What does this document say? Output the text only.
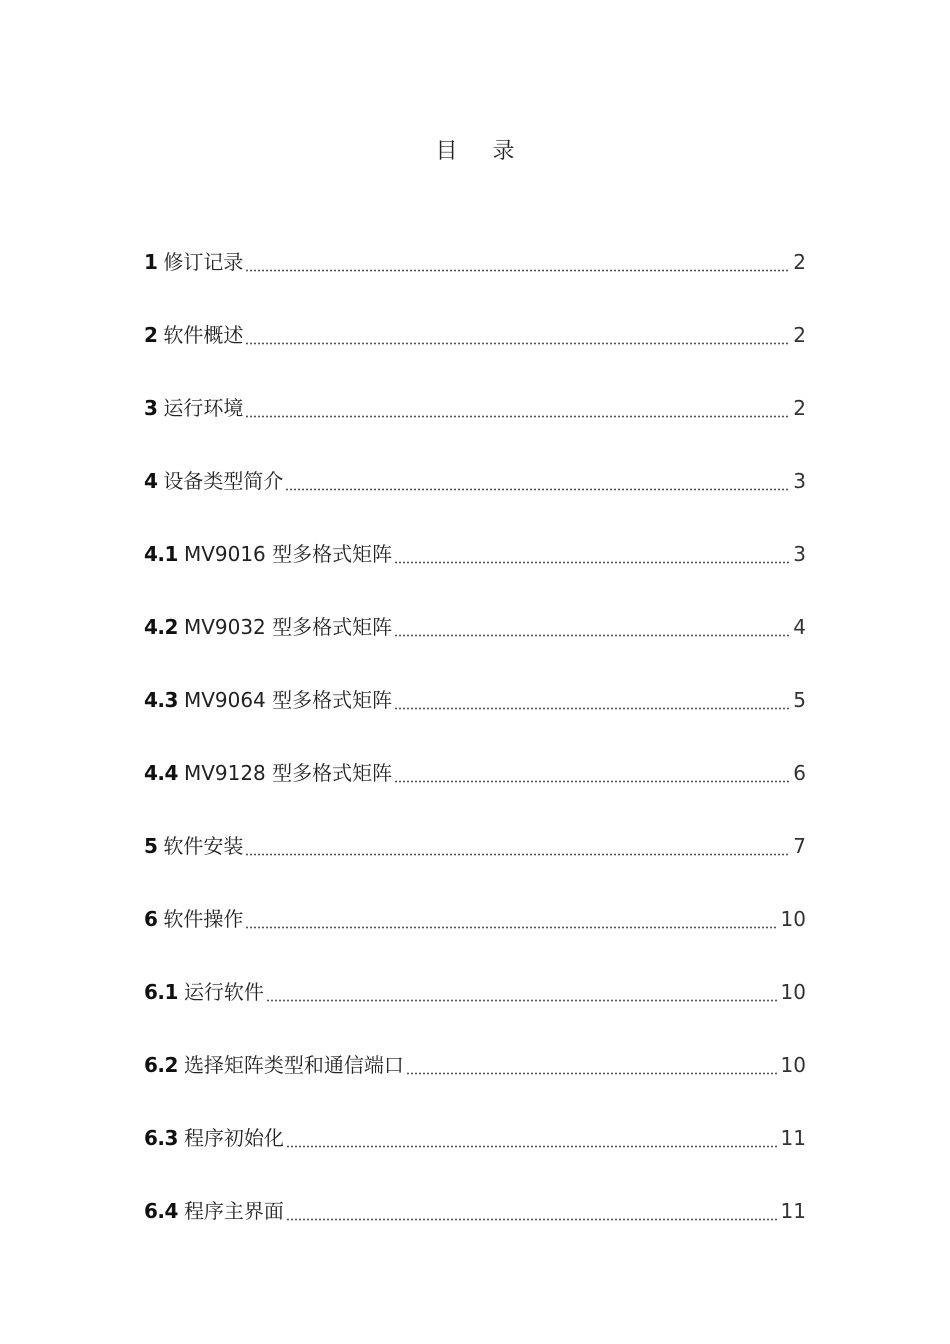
目 录
1 修订记录	2
2 软件概述	2
3 运行环境	2
4 设备类型简介	3
4.1 MV9016 型多格式矩阵	3
4.2 MV9032 型多格式矩阵	4
4.3 MV9064 型多格式矩阵	5
4.4 MV9128 型多格式矩阵	6
5 软件安装	7
6 软件操作	10
6.1 运行软件	10
6.2 选择矩阵类型和通信端口	10
6.3 程序初始化	11
6.4 程序主界面	11
